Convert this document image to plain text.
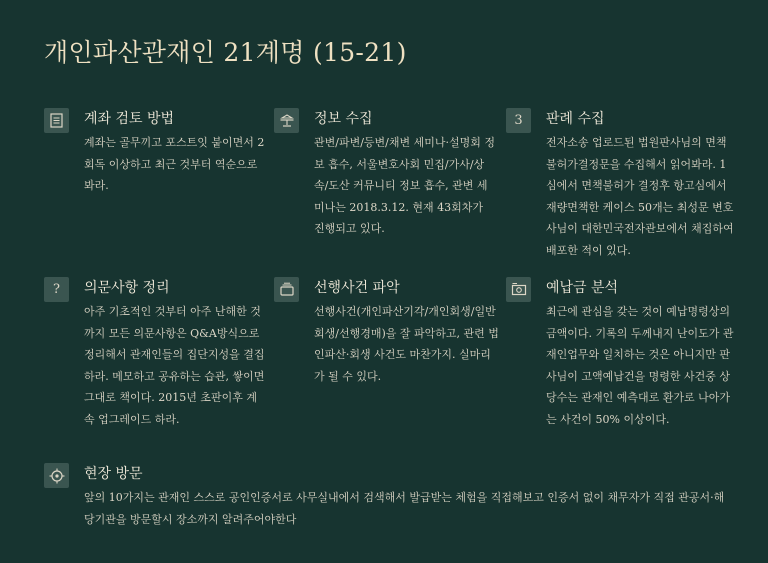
개인파산관재인 21계명 (15-21)
계좌 검토 방법
계좌는 골무끼고 포스트잇 붙이면서 2회독 이상하고 최근 것부터 역순으로 봐라.
정보 수집
관변/파변/등변/채변 세미나·설명회 정보 흡수, 서울변호사회 민집/가사/상속/도산 커뮤니티 정보 흡수, 관변 세미나는 2018.3.12. 현재 43회차가 진행되고 있다.
3	판례 수집
전자소송 업로드된 법원판사님의 면책불허가결정문을 수집해서 읽어봐라. 1심에서 면책불허가 결정후 항고심에서 재량면책한 케이스 50개는 최성문 변호사님이 대한민국전자관보에서 채집하여 배포한 적이 있다.
?	의문사항 정리
아주 기초적인 것부터 아주 난해한 것까지 모든 의문사항은 Q&A방식으로 정리해서 관재인들의 집단지성을 결집하라. 메모하고 공유하는 습관, 쌓이면 그대로 책이다. 2015년 초판이후 계속 업그레이드 하라.
선행사건 파악
선행사건(개인파산기각/개인회생/일반회생/선행경매)을 잘 파악하고, 관련 법인파산·회생 사건도 마찬가지. 실마리가 될 수 있다.
예납금 분석
최근에 관심을 갖는 것이 예납명령상의 금액이다. 기록의 두께내지 난이도가 관재인업무와 일치하는 것은 아니지만 판사님이 고액예납건을 명령한 사건중 상당수는 관재인 예측대로 환가로 나아가는 사건이 50% 이상이다.
현장 방문
앞의 10가지는 관재인 스스로 공인인증서로 사무실내에서 검색해서 발급받는 체험을 직접해보고 인증서 없이 채무자가 직접 관공서·해당기관을 방문할시 장소까지 알려주어야한다
